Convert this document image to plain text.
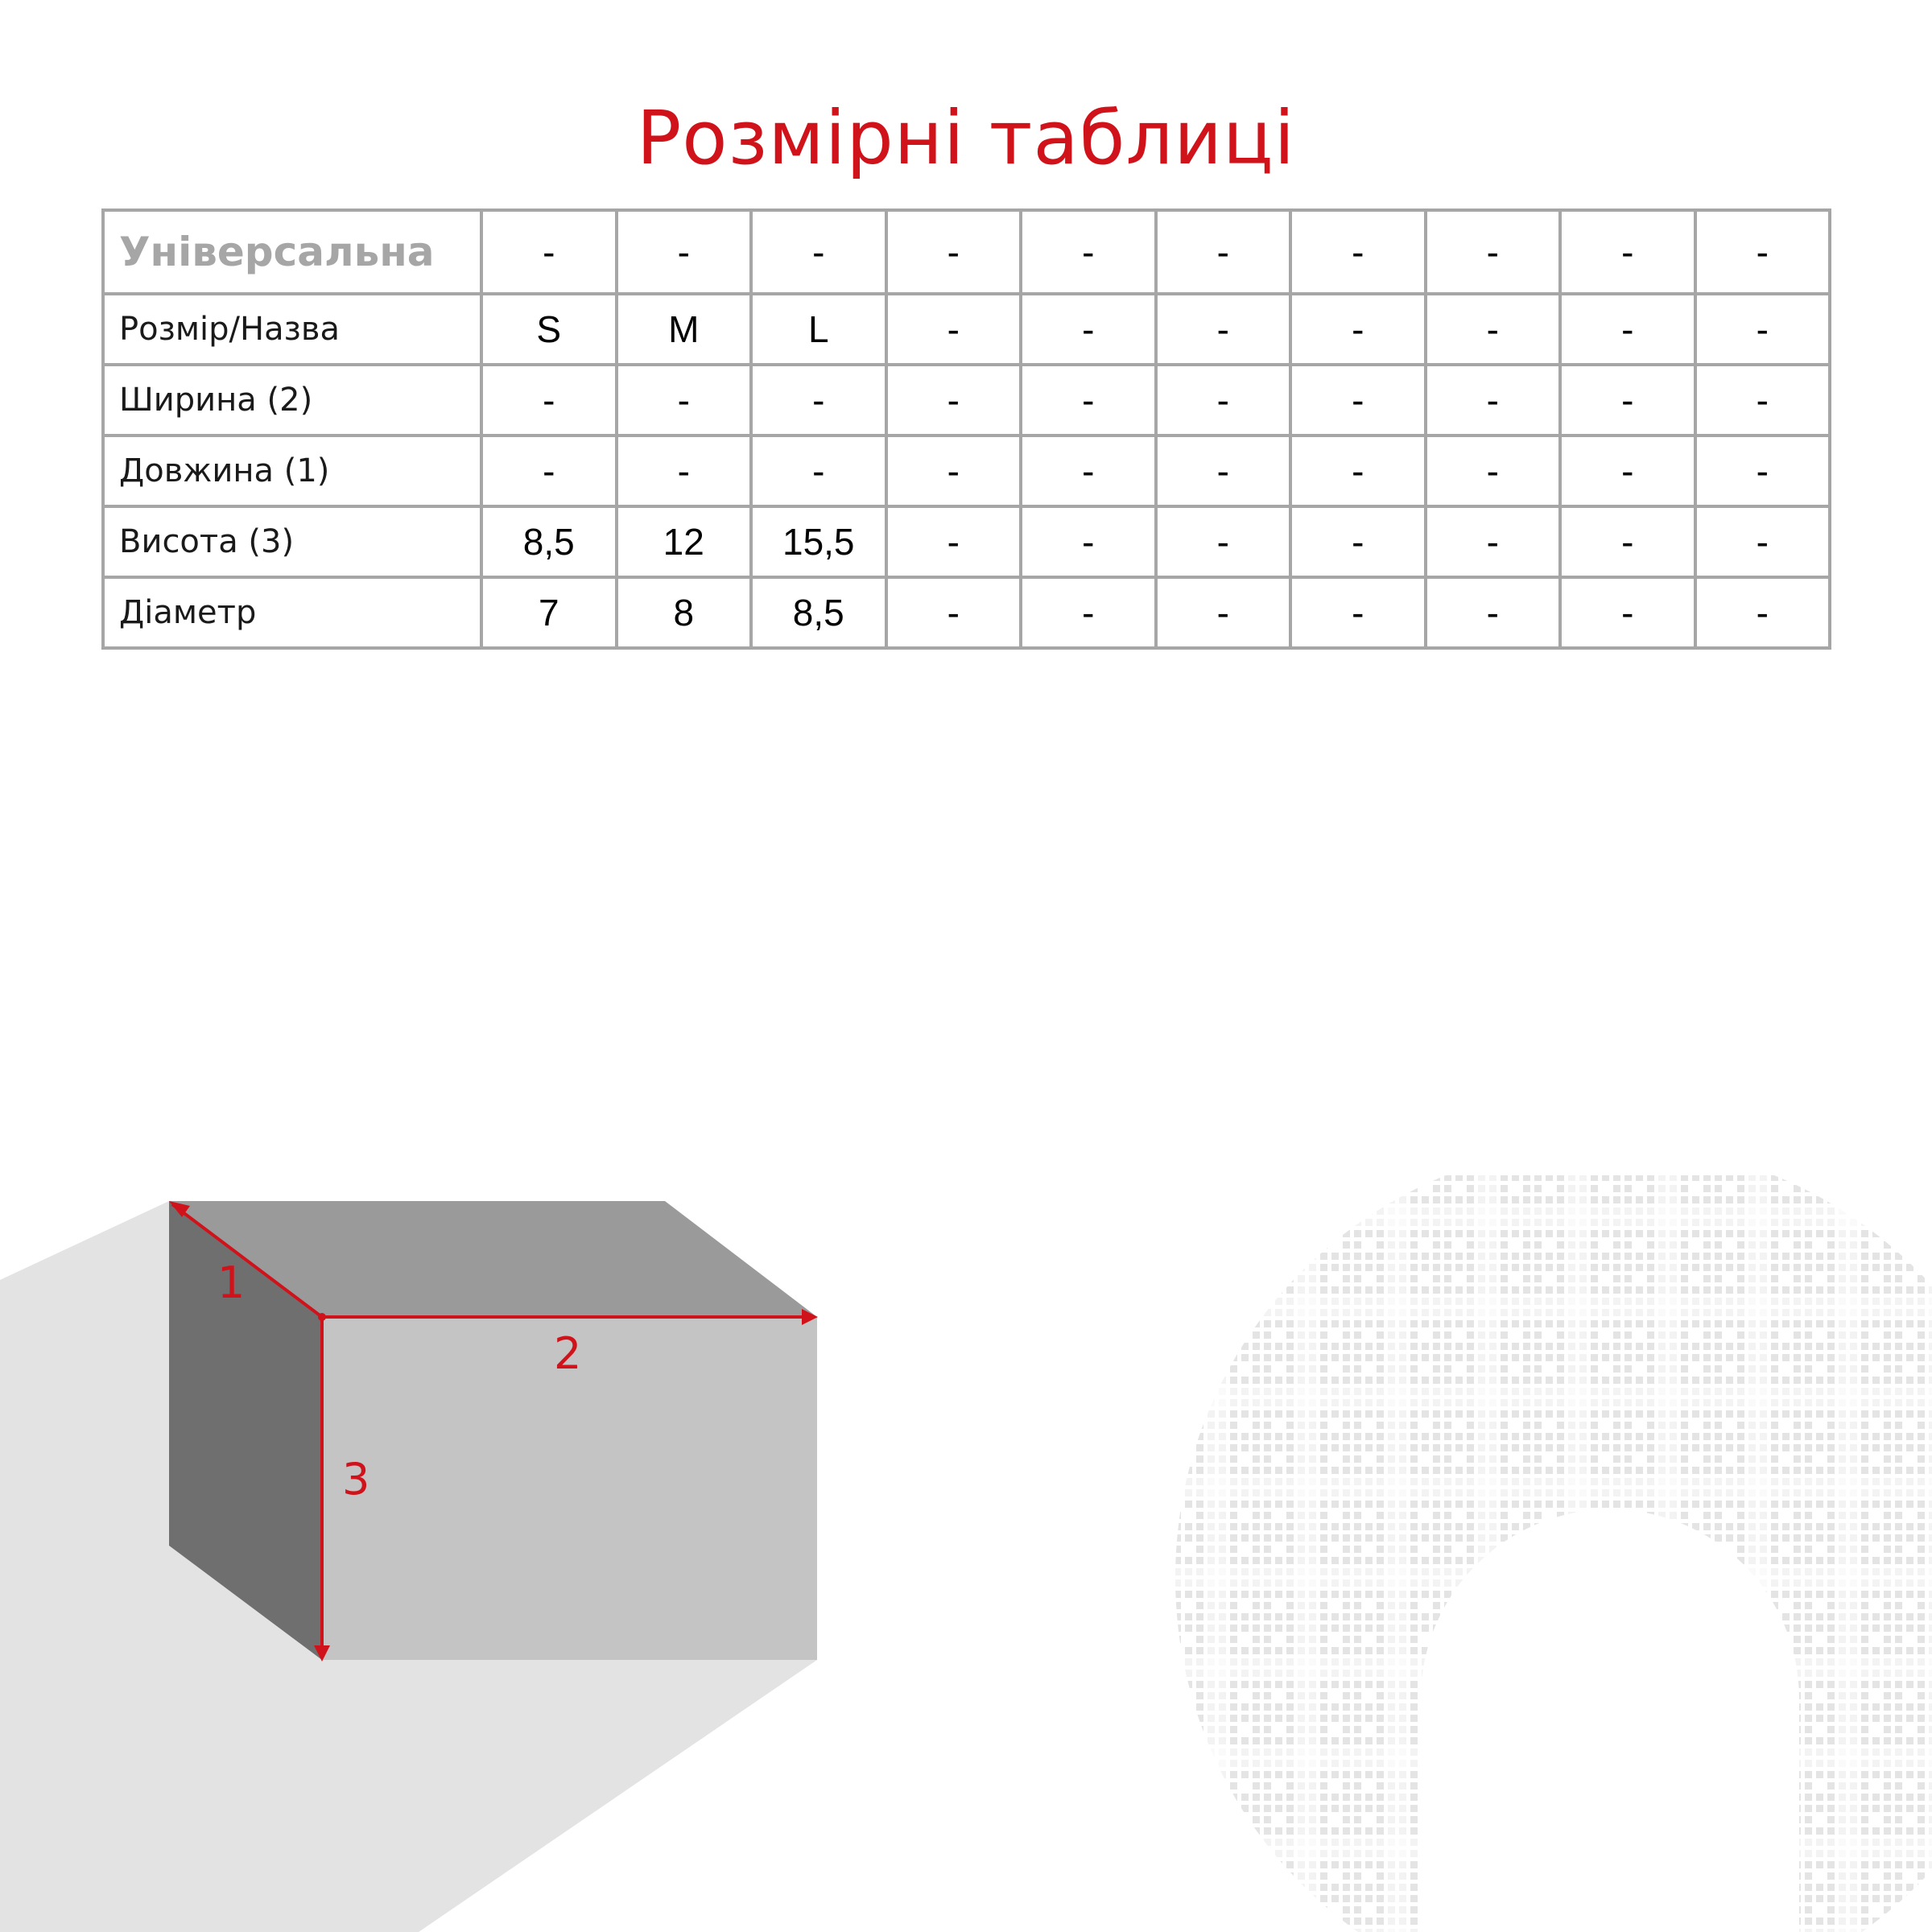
Розмірні таблиці
Універсальна	-	-	-	-	-	-	-	-	-	-
Розмір/Назва	S	M	L	-	-	-	-	-	-	-
Ширина (2)	-	-	-	-	-	-	-	-	-	-
Довжина (1)	-	-	-	-	-	-	-	-	-	-
Висота (3)	8,5	12	15,5	-	-	-	-	-	-	-
Діаметр	7	8	8,5	-	-	-	-	-	-	-
1
2
3
